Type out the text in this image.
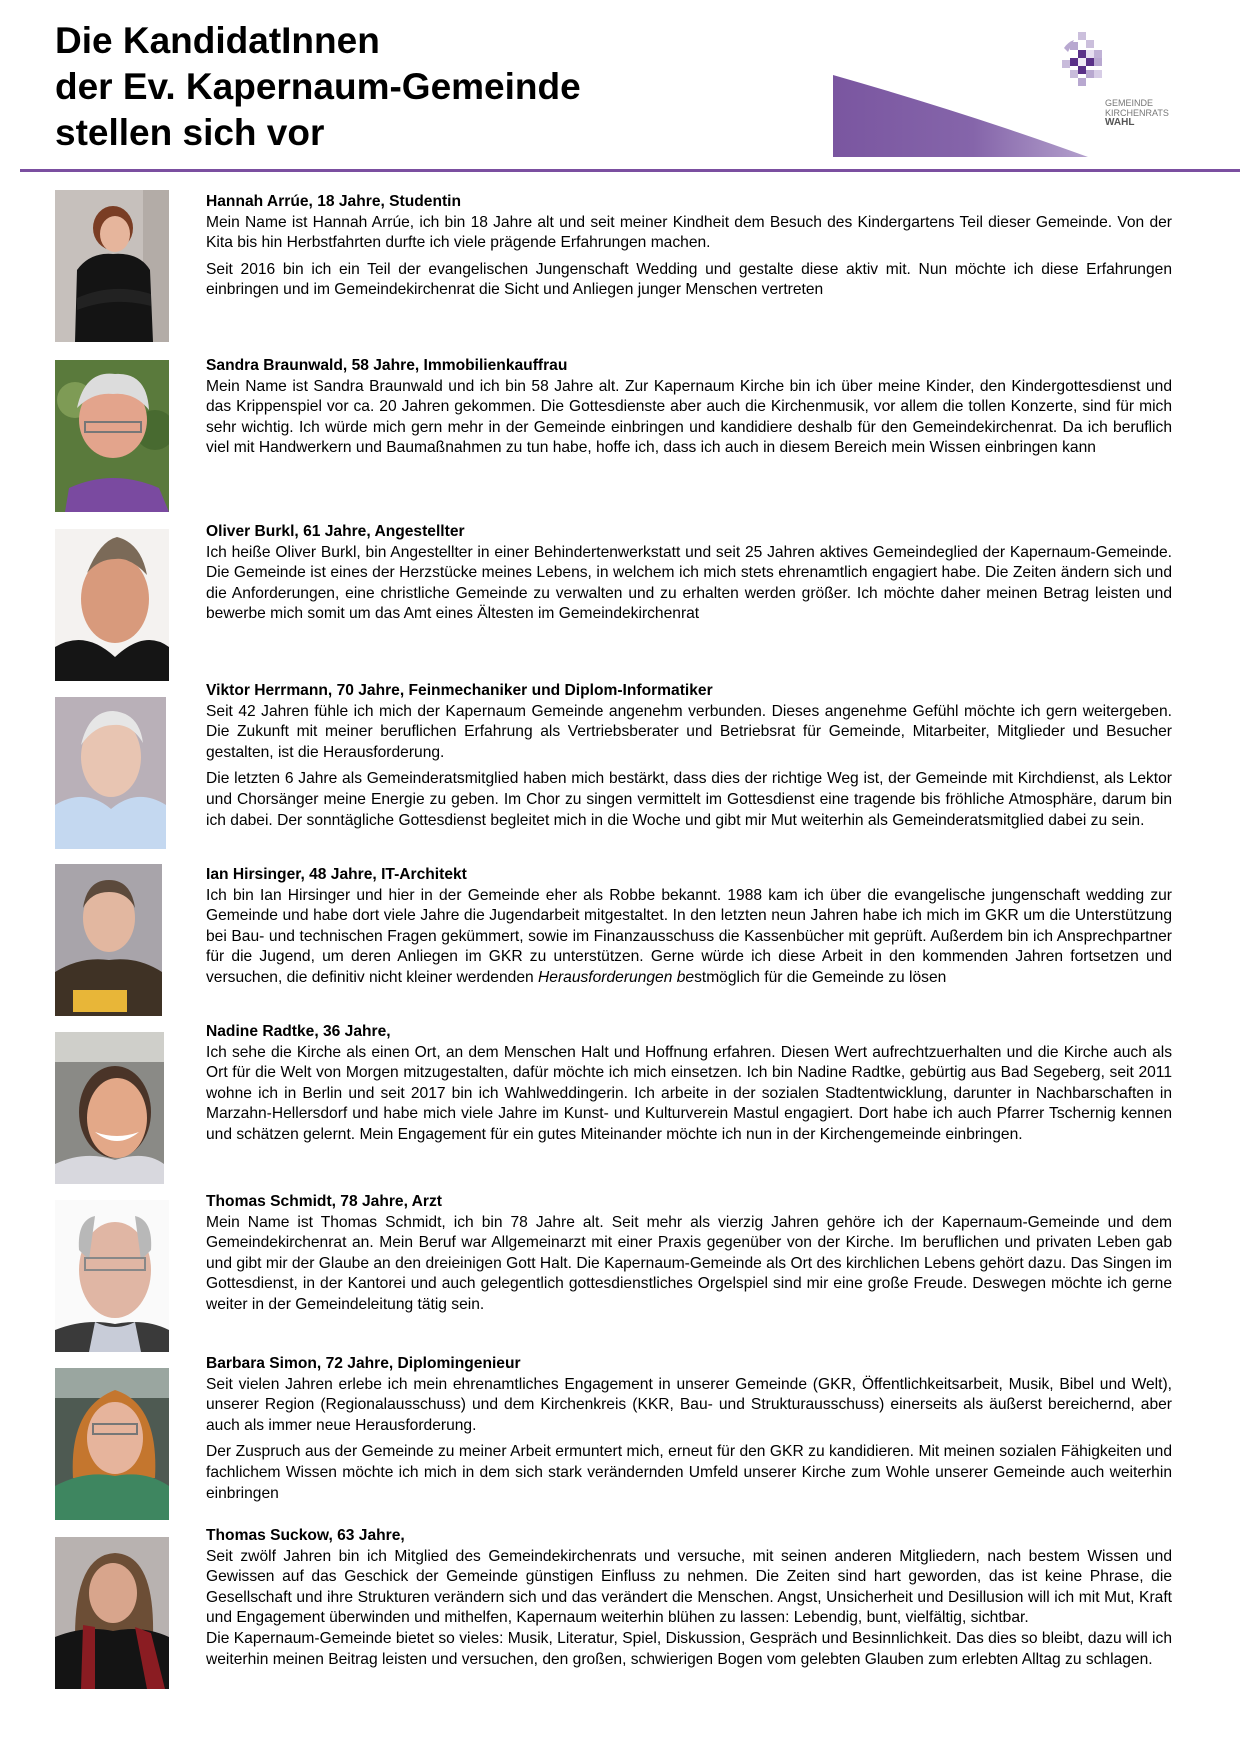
Die KandidatInnen
der Ev. Kapernaum-Gemeinde
stellen sich vor
GEMEINDE
KIRCHENRATS
WAHL
Hannah Arrúe, 18 Jahre, Studentin

Mein Name ist Hannah Arrúe, ich bin 18 Jahre alt und seit meiner Kindheit dem Besuch des Kindergartens Teil dieser Gemeinde. Von der Kita bis hin Herbstfahrten durfte ich viele prägende Erfahrungen machen.

Seit 2016 bin ich ein Teil der evangelischen Jungenschaft Wedding und gestalte diese aktiv mit. Nun möchte ich diese Erfahrungen einbringen und im Gemeindekirchenrat die Sicht und Anliegen junger Menschen vertreten

Sandra Braunwald, 58 Jahre, Immobilienkauffrau

Mein Name ist Sandra Braunwald und ich bin 58 Jahre alt. Zur Kapernaum Kirche bin ich über meine Kinder, den Kindergottesdienst und das Krippenspiel vor ca. 20 Jahren gekommen. Die Gottesdienste aber auch die Kirchenmusik, vor allem die tollen Konzerte, sind für mich sehr wichtig. Ich würde mich gern mehr in der Gemeinde einbringen und kandidiere deshalb für den Gemeindekirchenrat. Da ich beruflich viel mit Handwerkern und Baumaßnahmen zu tun habe, hoffe ich, dass ich auch in diesem Bereich mein Wissen einbringen kann

Oliver Burkl, 61 Jahre, Angestellter

Ich heiße Oliver Burkl, bin Angestellter in einer Behindertenwerkstatt und seit 25 Jahren aktives Gemeindeglied der Kapernaum-Gemeinde. Die Gemeinde ist eines der Herzstücke meines Lebens, in welchem ich mich stets ehrenamtlich engagiert habe. Die Zeiten ändern sich und die Anforderungen, eine christliche Gemeinde zu verwalten und zu erhalten werden größer. Ich möchte daher meinen Betrag leisten und bewerbe mich somit um das Amt eines Ältesten im Gemeindekirchenrat

Viktor Herrmann, 70 Jahre, Feinmechaniker und Diplom-Informatiker

Seit 42 Jahren fühle ich mich der Kapernaum Gemeinde angenehm verbunden. Dieses angenehme Gefühl möchte ich gern weitergeben. Die Zukunft mit meiner beruflichen Erfahrung als Vertriebsberater und Betriebsrat für Gemeinde, Mitarbeiter, Mitglieder und Besucher gestalten, ist die Herausforderung.

Die letzten 6 Jahre als Gemeinderatsmitglied haben mich bestärkt, dass dies der richtige Weg ist, der Gemeinde mit Kirchdienst, als Lektor und Chorsänger meine Energie zu geben. Im Chor zu singen vermittelt im Gottesdienst eine tragende bis fröhliche Atmosphäre, darum bin ich dabei. Der sonntägliche Gottesdienst begleitet mich in die Woche und gibt mir Mut weiterhin als Gemeinderatsmitglied dabei zu sein.

Ian Hirsinger, 48 Jahre, IT-Architekt

Ich bin Ian Hirsinger und hier in der Gemeinde eher als Robbe bekannt. 1988 kam ich über die evangelische jungenschaft wedding zur Gemeinde und habe dort viele Jahre die Jugendarbeit mitgestaltet. In den letzten neun Jahren habe ich mich im GKR um die Unterstützung bei Bau- und technischen Fragen gekümmert, sowie im Finanzausschuss die Kassenbücher mit geprüft. Außerdem bin ich Ansprechpartner für die Jugend, um deren Anliegen im GKR zu unterstützen. Gerne würde ich diese Arbeit in den kommenden Jahren fortsetzen und versuchen, die definitiv nicht kleiner werdenden Herausforderungen bestmöglich für die Gemeinde zu lösen

Nadine Radtke, 36 Jahre,

Ich sehe die Kirche als einen Ort, an dem Menschen Halt und Hoffnung erfahren. Diesen Wert aufrechtzuerhalten und die Kirche auch als Ort für die Welt von Morgen mitzugestalten, dafür möchte ich mich einsetzen. Ich bin Nadine Radtke, gebürtig aus Bad Segeberg, seit 2011 wohne ich in Berlin und seit 2017 bin ich Wahlweddingerin. Ich arbeite in der sozialen Stadtentwicklung, darunter in Nachbarschaften in Marzahn-Hellersdorf und habe mich viele Jahre im Kunst- und Kulturverein Mastul engagiert. Dort habe ich auch Pfarrer Tschernig kennen und schätzen gelernt. Mein Engagement für ein gutes Miteinander möchte ich nun in der Kirchengemeinde einbringen.

Thomas Schmidt, 78 Jahre, Arzt

Mein Name ist Thomas Schmidt, ich bin 78 Jahre alt. Seit mehr als vierzig Jahren gehöre ich der Kapernaum-Gemeinde und dem Gemeindekirchenrat an. Mein Beruf war Allgemeinarzt mit einer Praxis gegenüber von der Kirche. Im beruflichen und privaten Leben gab und gibt mir der Glaube an den dreieinigen Gott Halt. Die Kapernaum-Gemeinde als Ort des kirchlichen Lebens gehört dazu. Das Singen im Gottesdienst, in der Kantorei und auch gelegentlich gottesdienstliches Orgelspiel sind mir eine große Freude. Deswegen möchte ich gerne weiter in der Gemeindeleitung tätig sein.

Barbara Simon, 72 Jahre, Diplomingenieur

Seit vielen Jahren erlebe ich mein ehrenamtliches Engagement in unserer Gemeinde (GKR, Öffentlichkeitsarbeit, Musik, Bibel und Welt), unserer Region (Regionalausschuss) und dem Kirchenkreis (KKR, Bau- und Strukturausschuss) einerseits als äußerst bereichernd, aber auch als immer neue Herausforderung.

Der Zuspruch aus der Gemeinde zu meiner Arbeit ermuntert mich, erneut für den GKR zu kandidieren. Mit meinen sozialen Fähigkeiten und fachlichem Wissen möchte ich mich in dem sich stark verändernden Umfeld unserer Kirche zum Wohle unserer Gemeinde auch weiterhin einbringen

Thomas Suckow, 63 Jahre,

Seit zwölf Jahren bin ich Mitglied des Gemeindekirchenrats und versuche, mit seinen anderen Mitgliedern, nach bestem Wissen und Gewissen auf das Geschick der Gemeinde günstigen Einfluss zu nehmen. Die Zeiten sind hart geworden, das ist keine Phrase, die Gesellschaft und ihre Strukturen verändern sich und das verändert die Menschen. Angst, Unsicherheit und Desillusion will ich mit Mut, Kraft und Engagement überwinden und mithelfen, Kapernaum weiterhin blühen zu lassen: Lebendig, bunt, vielfältig, sichtbar.

Die Kapernaum-Gemeinde bietet so vieles: Musik, Literatur, Spiel, Diskussion, Gespräch und Besinnlichkeit. Das dies so bleibt, dazu will ich weiterhin meinen Beitrag leisten und versuchen, den großen, schwierigen Bogen vom gelebten Glauben zum erlebten Alltag zu schlagen.
